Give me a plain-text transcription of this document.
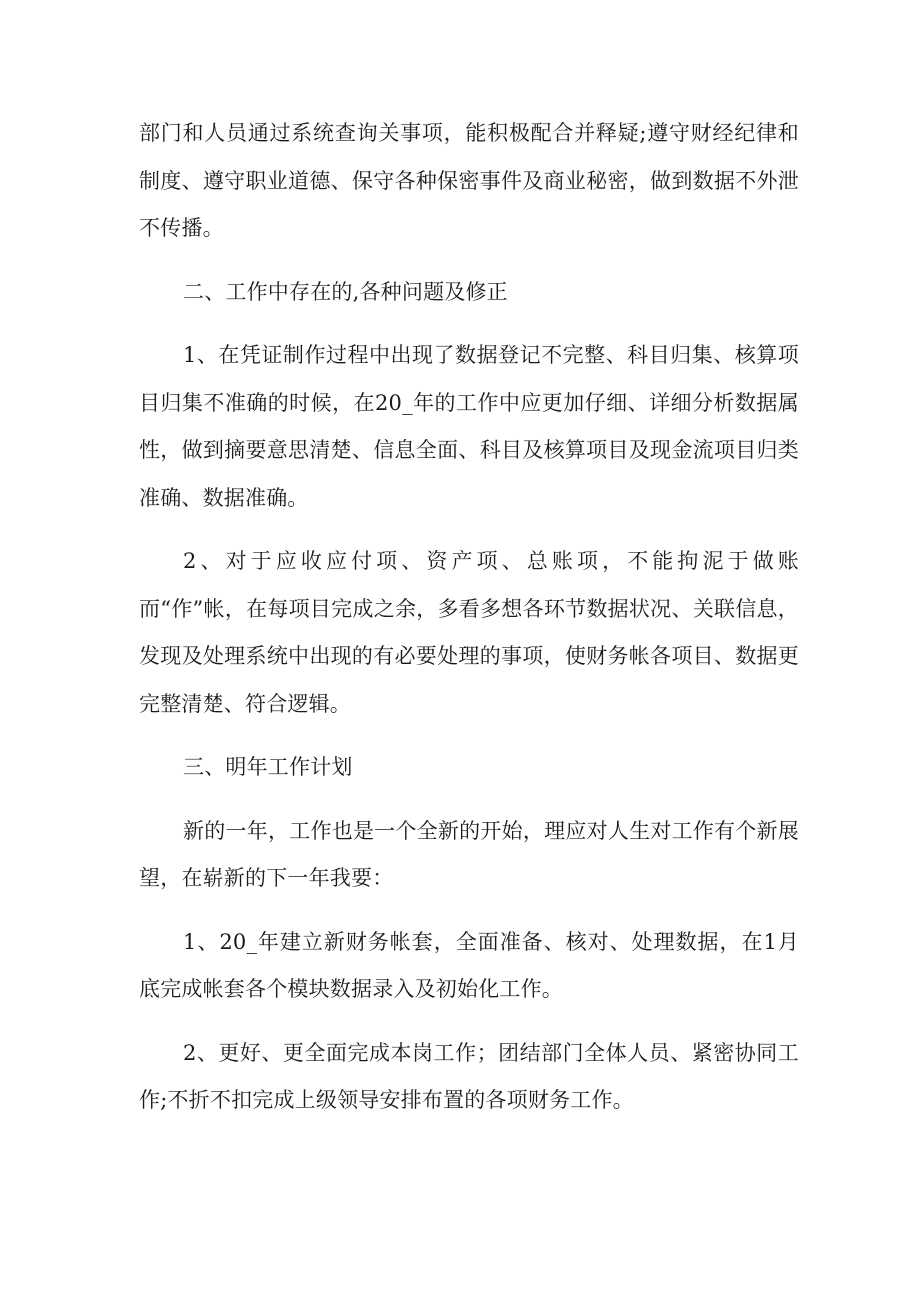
部门和人员通过系统查询关事项，能积极配合并释疑;遵守财经纪律和制度、遵守职业道德、保守各种保密事件及商业秘密，做到数据不外泄不传播。

二、工作中存在的,各种问题及修正

1、在凭证制作过程中出现了数据登记不完整、科目归集、核算项目归集不准确的时候，在20_年的工作中应更加仔细、详细分析数据属性，做到摘要意思清楚、信息全面、科目及核算项目及现金流项目归类准确、数据准确。

2、对于应收应付项、资产项、总账项，不能拘泥于做账而“作”帐，在每项目完成之余，多看多想各环节数据状况、关联信息，发现及处理系统中出现的有必要处理的事项，使财务帐各项目、数据更完整清楚、符合逻辑。

三、明年工作计划

新的一年，工作也是一个全新的开始，理应对人生对工作有个新展望，在崭新的下一年我要：

1、20_年建立新财务帐套，全面准备、核对、处理数据，在1月底完成帐套各个模块数据录入及初始化工作。

2、更好、更全面完成本岗工作；团结部门全体人员、紧密协同工作;不折不扣完成上级领导安排布置的各项财务工作。
